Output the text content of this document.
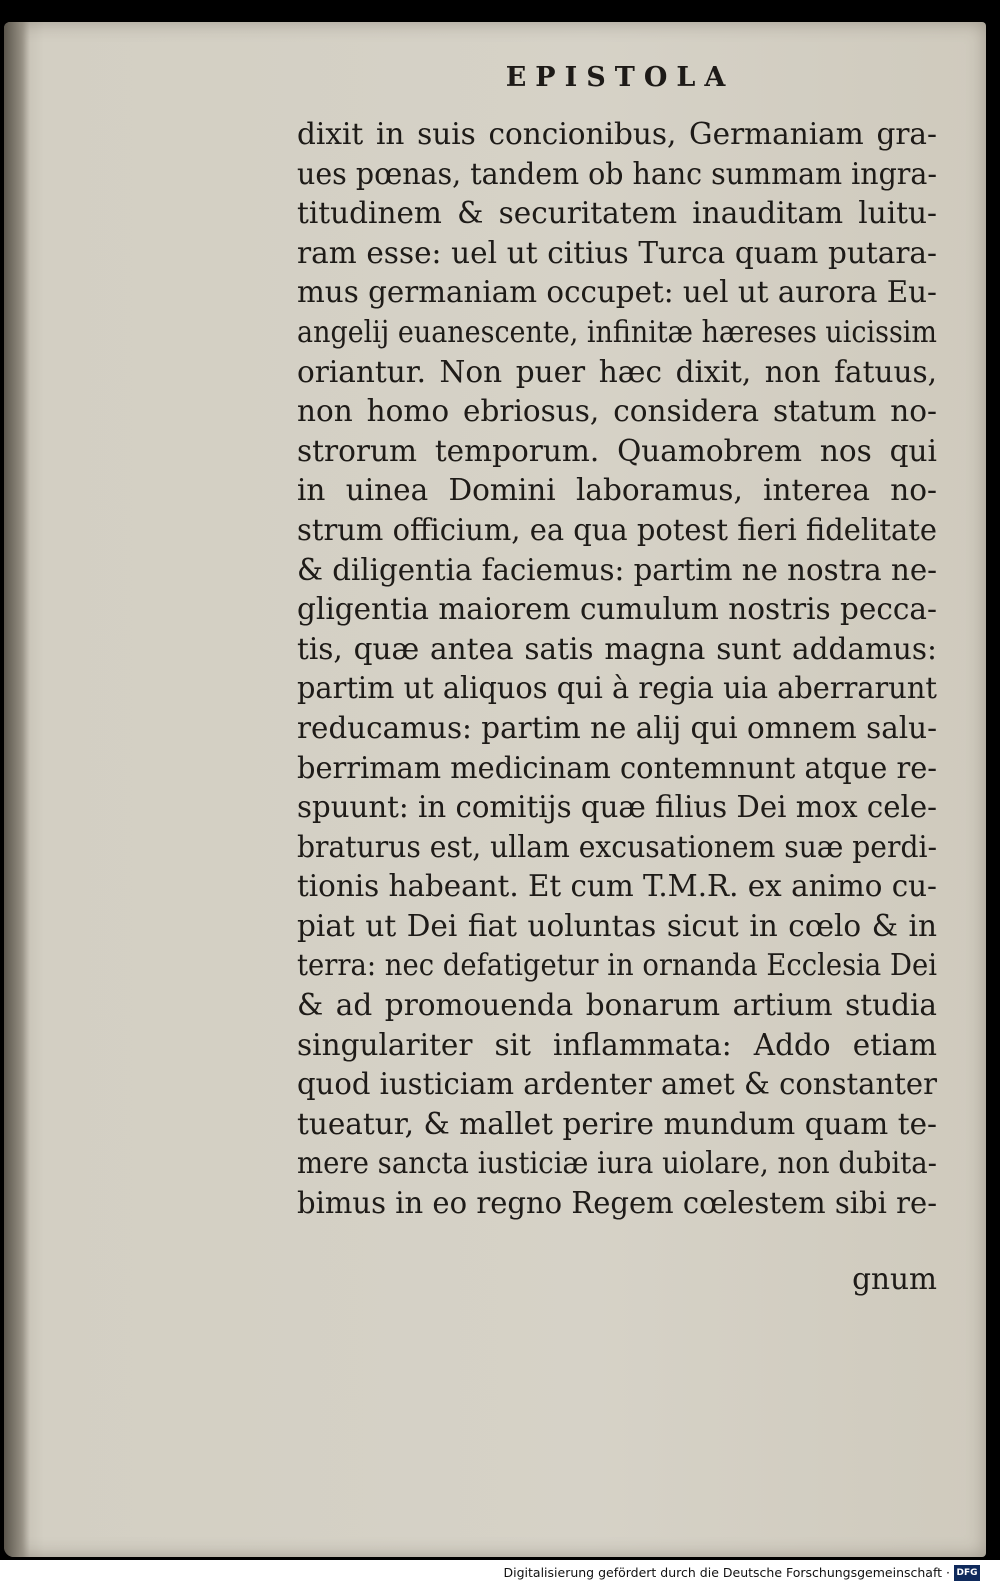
EPISTOLA
dixit in suis concionibus, Germaniam gra-
ues pœnas, tandem ob hanc summam ingra-
titudinem & securitatem inauditam luitu-
ram esse: uel ut citius Turca quam putara-
mus germaniam occupet: uel ut aurora Eu-
angelij euanescente, infinitæ hæreses uicissim
oriantur. Non puer hæc dixit, non fatuus,
non homo ebriosus, considera statum no-
strorum temporum. Quamobrem nos qui
in uinea Domini laboramus, interea no-
strum officium, ea qua potest fieri fidelitate
& diligentia faciemus: partim ne nostra ne-
gligentia maiorem cumulum nostris pecca-
tis, quæ antea satis magna sunt addamus:
partim ut aliquos qui à regia uia aberrarunt
reducamus: partim ne alij qui omnem salu-
berrimam medicinam contemnunt atque re-
spuunt: in comitijs quæ filius Dei mox cele-
braturus est, ullam excusationem suæ perdi-
tionis habeant. Et cum T.M.R. ex animo cu-
piat ut Dei fiat uoluntas sicut in cœlo & in
terra: nec defatigetur in ornanda Ecclesia Dei
& ad promouenda bonarum artium studia
singulariter sit inflammata: Addo etiam
quod iusticiam ardenter amet & constanter
tueatur, & mallet perire mundum quam te-
mere sancta iusticiæ iura uiolare, non dubita-
bimus in eo regno Regem cœlestem sibi re-
gnum
Digitalisierung gefördert durch die Deutsche Forschungsgemeinschaft · DFG
